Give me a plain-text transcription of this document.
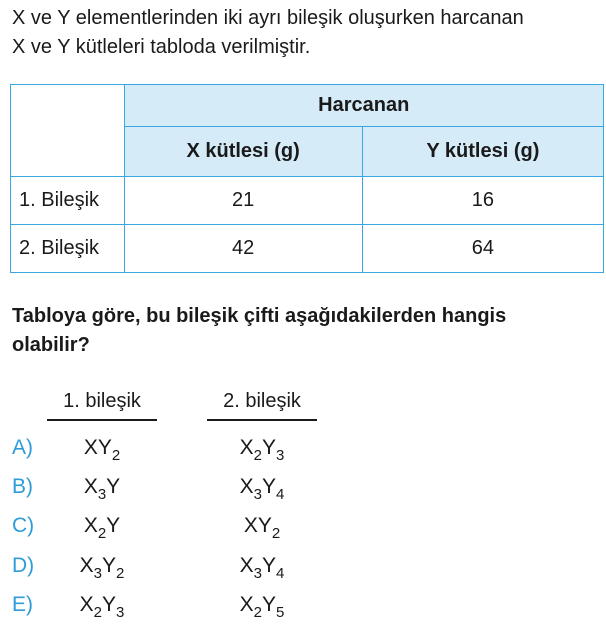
X ve Y elementlerinden iki ayrı bileşik oluşurken harcanan
X ve Y kütleleri tabloda verilmiştir.
	Harcanan	
	X kütlesi (g)	Y kütlesi (g)
1. Bileşik	21	16
2. Bileşik	42	64
Tabloya göre, bu bileşik çifti aşağıdakilerden hangis
olabilir?
1. bileşik	2. bileşik
A)	$XY_2$	$X_2Y_3$
B)	$X_3Y$	$X_3Y_4$
C)	$X_2Y$	$XY_2$
D)	$X_3Y_2$	$X_3Y_4$
E)	$X_2Y_3$	$X_2Y_5$
